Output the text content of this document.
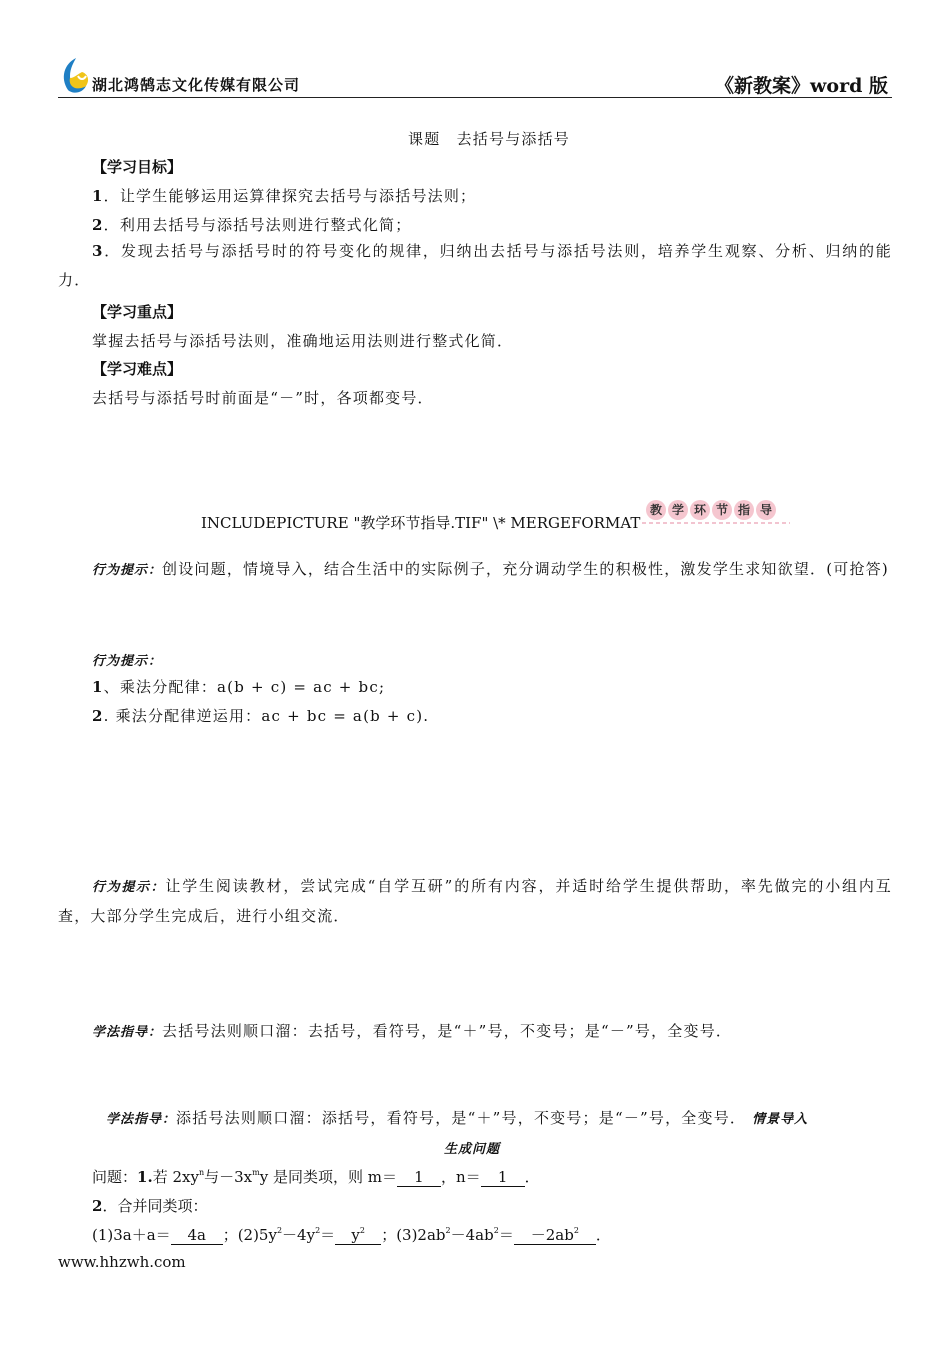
湖北鸿鹄志文化传媒有限公司	《新教案》word 版
课题　去括号与添括号
【学习目标】
1．让学生能够运用运算律探究去括号与添括号法则；
2．利用去括号与添括号法则进行整式化简；
3．发现去括号与添括号时的符号变化的规律，归纳出去括号与添括号法则，培养学生观察、分析、归纳的能力．
【学习重点】
掌握去括号与添括号法则，准确地运用法则进行整式化简．
【学习难点】
去括号与添括号时前面是“－”时，各项都变号．
INCLUDEPICTURE "教学环节指导.TIF" \* MERGEFORMAT
教 学 环 节 指 导
行为提示：创设问题，情境导入，结合生活中的实际例子，充分调动学生的积极性，激发学生求知欲望．(可抢答)
行为提示：
1、乘法分配律：a(b + c) = ac + bc;
2. 乘法分配律逆运用：ac + bc = a(b + c).
行为提示：让学生阅读教材，尝试完成“自学互研”的所有内容，并适时给学生提供帮助，率先做完的小组内互查，大部分学生完成后，进行小组交流．
学法指导：去括号法则顺口溜：去括号，看符号，是“＋”号，不变号；是“－”号，全变号．
学法指导：添括号法则顺口溜：添括号，看符号，是“＋”号，不变号；是“－”号，全变号． 情景导入
生成问题
问题：1.若 $2xy^n$与$-3x^my$ 是同类项，则 m＝ 1 ，n＝ 1 ．
2．合并同类项：
(1)3a＋a＝ 4a ；$(2)5y^2-4y^2= y^2$ ；$(3)2ab^2-4ab^2= -2ab^2$ ．
www.hhzwh.com
